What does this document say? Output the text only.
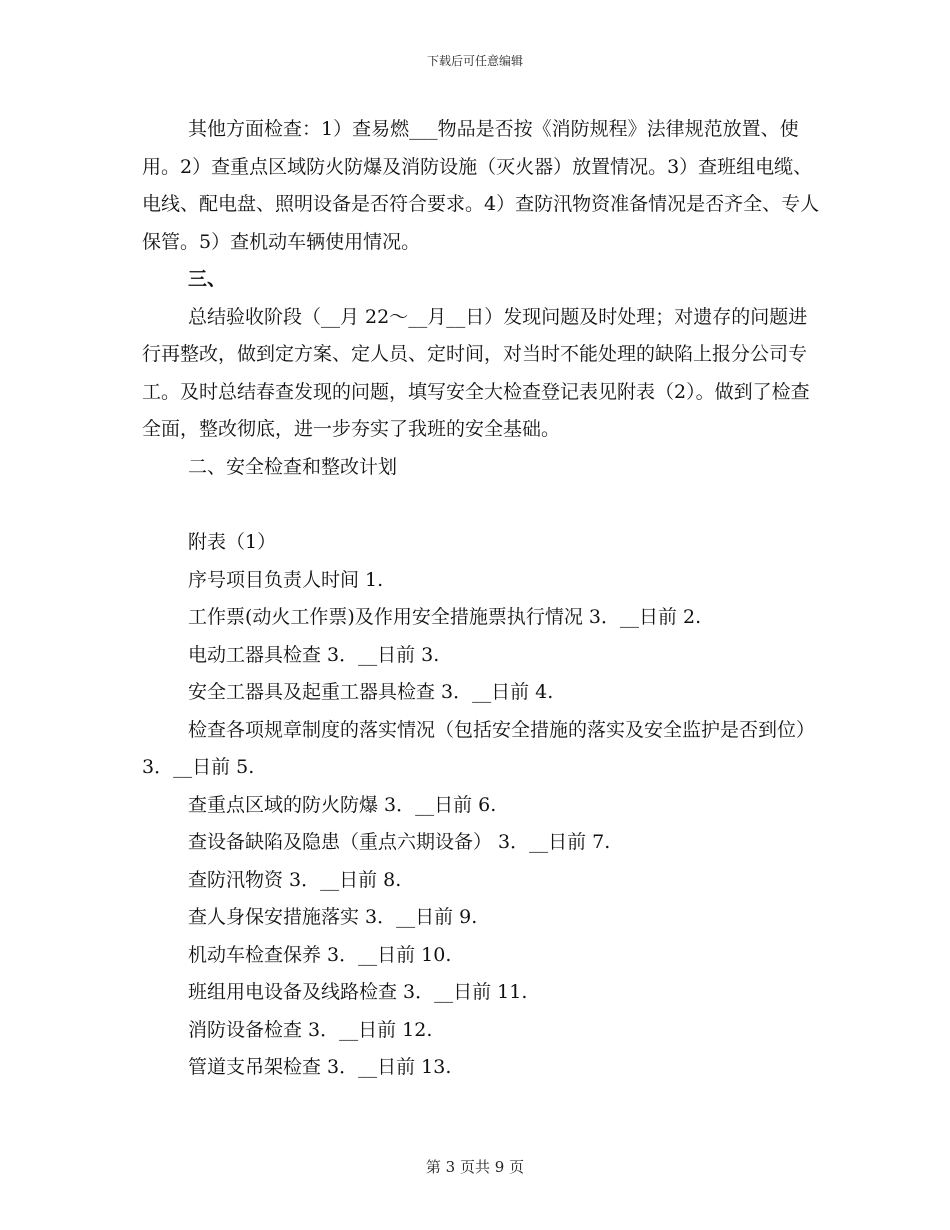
下载后可任意编辑

其他方面检查：1）查易燃___物品是否按《消防规程》法律规范放置、使用。2）查重点区域防火防爆及消防设施（灭火器）放置情况。3）查班组电缆、电线、配电盘、照明设备是否符合要求。4）查防汛物资准备情况是否齐全、专人保管。5）查机动车辆使用情况。

三、

总结验收阶段（__月 22～__月__日）发现问题及时处理；对遗存的问题进行再整改，做到定方案、定人员、定时间，对当时不能处理的缺陷上报分公司专工。及时总结春查发现的问题，填写安全大检查登记表见附表（2）。做到了检查全面，整改彻底，进一步夯实了我班的安全基础。

二、安全检查和整改计划

附表（1）

序号项目负责人时间 1.

工作票(动火工作票)及作用安全措施票执行情况 3．__日前 2.

电动工器具检查 3．__日前 3.

安全工器具及起重工器具检查 3．__日前 4.

检查各项规章制度的落实情况（包括安全措施的落实及安全监护是否到位） 3．__日前 5.

查重点区域的防火防爆 3．__日前 6.

查设备缺陷及隐患（重点六期设备） 3．__日前 7.

查防汛物资 3．__日前 8.

查人身保安措施落实 3．__日前 9.

机动车检查保养 3．__日前 10.

班组用电设备及线路检查 3．__日前 11.

消防设备检查 3．__日前 12.

管道支吊架检查 3．__日前 13.

第 3 页共 9 页
